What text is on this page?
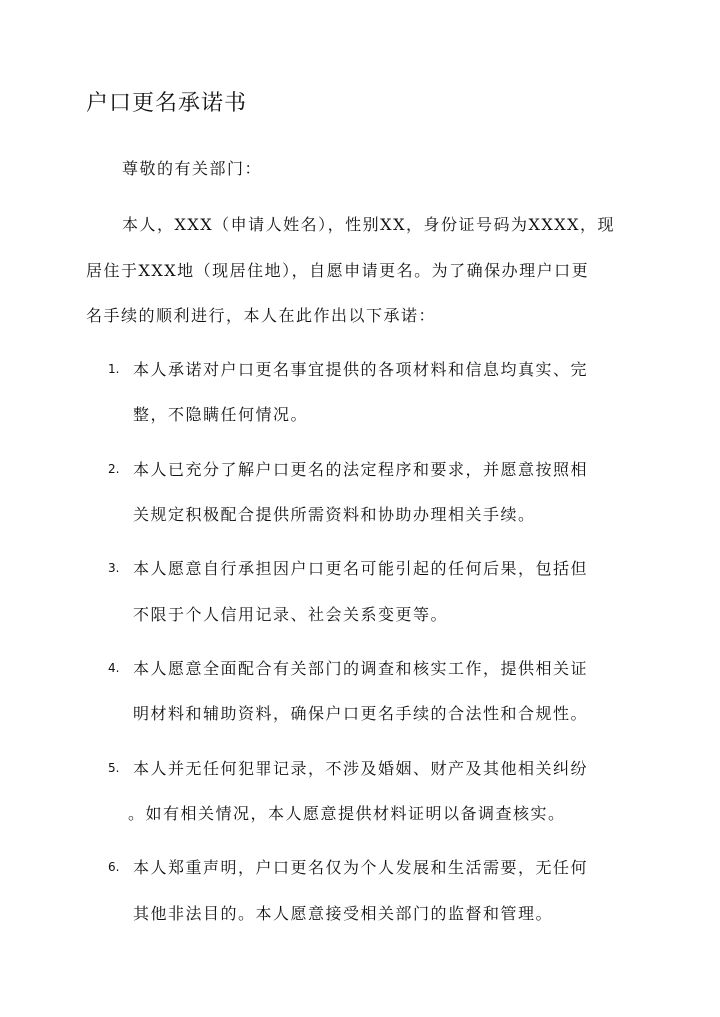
户口更名承诺书
尊敬的有关部门：
本人，XXX（申请人姓名），性别XX，身份证号码为XXXX，现
居住于XXX地（现居住地），自愿申请更名。为了确保办理户口更
名手续的顺利进行，本人在此作出以下承诺：
1. 本人承诺对户口更名事宜提供的各项材料和信息均真实、完
整，不隐瞒任何情况。
2. 本人已充分了解户口更名的法定程序和要求，并愿意按照相
关规定积极配合提供所需资料和协助办理相关手续。
3. 本人愿意自行承担因户口更名可能引起的任何后果，包括但
不限于个人信用记录、社会关系变更等。
4. 本人愿意全面配合有关部门的调查和核实工作，提供相关证
明材料和辅助资料，确保户口更名手续的合法性和合规性。
5. 本人并无任何犯罪记录，不涉及婚姻、财产及其他相关纠纷
。如有相关情况，本人愿意提供材料证明以备调查核实。
6. 本人郑重声明，户口更名仅为个人发展和生活需要，无任何
其他非法目的。本人愿意接受相关部门的监督和管理。
